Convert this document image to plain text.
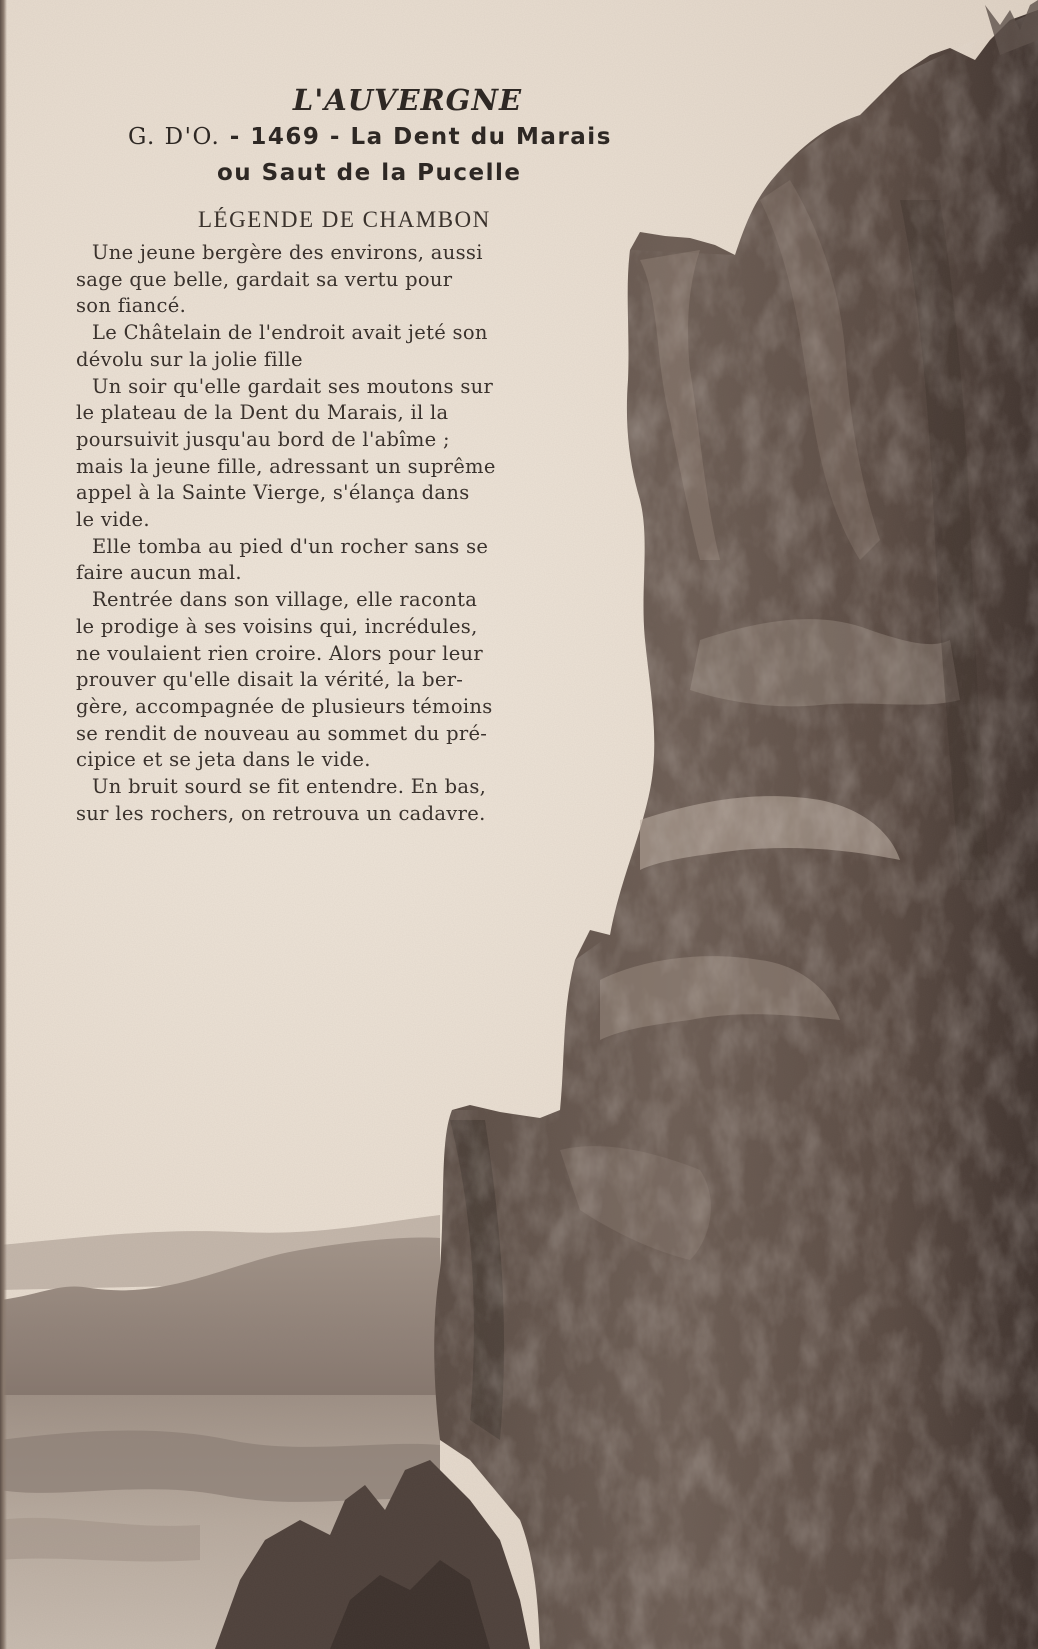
L'AUVERGNE
G. D'O. - 1469 - La Dent du Marais
ou Saut de la Pucelle
LÉGENDE DE CHAMBON

Une jeune bergère des environs, aussi
sage que belle, gardait sa vertu pour
son fiancé.

Le Châtelain de l'endroit avait jeté son
dévolu sur la jolie fille

Un soir qu'elle gardait ses moutons sur
le plateau de la Dent du Marais, il la
poursuivit jusqu'au bord de l'abîme ;
mais la jeune fille, adressant un suprême
appel à la Sainte Vierge, s'élança dans
le vide.

Elle tomba au pied d'un rocher sans se
faire aucun mal.

Rentrée dans son village, elle raconta
le prodige à ses voisins qui, incrédules,
ne voulaient rien croire. Alors pour leur
prouver qu'elle disait la vérité, la ber-
gère, accompagnée de plusieurs témoins
se rendit de nouveau au sommet du pré-
cipice et se jeta dans le vide.

Un bruit sourd se fit entendre. En bas,
sur les rochers, on retrouva un cadavre.
